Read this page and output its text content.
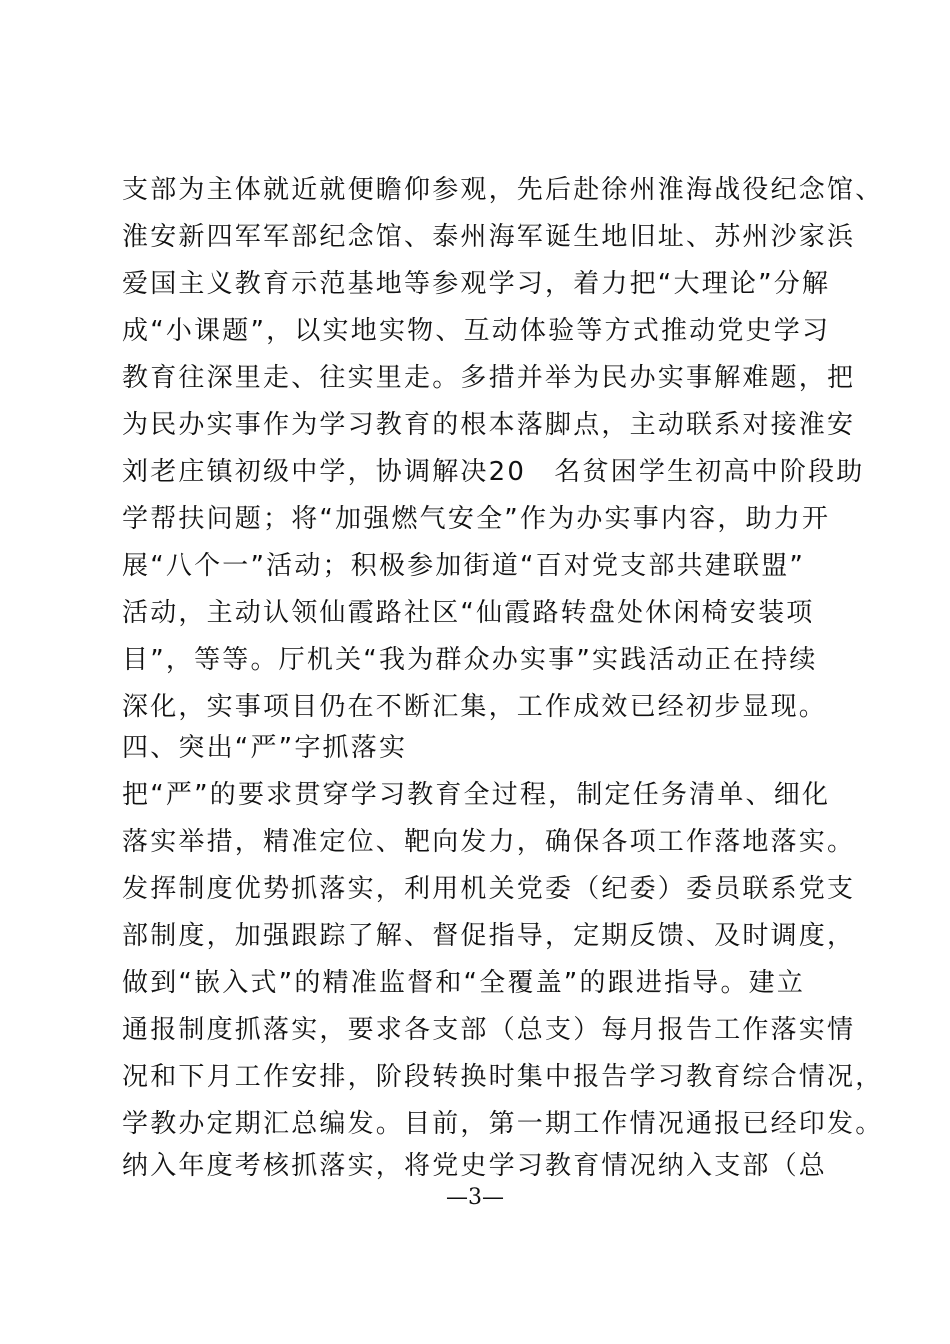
支部为主体就近就便瞻仰参观，先后赴徐州淮海战役纪念馆、
淮安新四军军部纪念馆、泰州海军诞生地旧址、苏州沙家浜
爱国主义教育示范基地等参观学习，着力把“大理论”分解
成“小课题”，以实地实物、互动体验等方式推动党史学习
教育往深里走、往实里走。多措并举为民办实事解难题，把
为民办实事作为学习教育的根本落脚点，主动联系对接淮安
刘老庄镇初级中学，协调解决20　名贫困学生初高中阶段助
学帮扶问题；将“加强燃气安全”作为办实事内容，助力开
展“八个一”活动；积极参加街道“百对党支部共建联盟”
活动，主动认领仙霞路社区“仙霞路转盘处休闲椅安装项
目”，等等。厅机关“我为群众办实事”实践活动正在持续
深化，实事项目仍在不断汇集，工作成效已经初步显现。
四、突出“严”字抓落实
把“严”的要求贯穿学习教育全过程，制定任务清单、细化
落实举措，精准定位、靶向发力，确保各项工作落地落实。
发挥制度优势抓落实，利用机关党委（纪委）委员联系党支
部制度，加强跟踪了解、督促指导，定期反馈、及时调度，
做到“嵌入式”的精准监督和“全覆盖”的跟进指导。建立
通报制度抓落实，要求各支部（总支）每月报告工作落实情
况和下月工作安排，阶段转换时集中报告学习教育综合情况，
学教办定期汇总编发。目前，第一期工作情况通报已经印发。
纳入年度考核抓落实，将党史学习教育情况纳入支部（总
—3—
